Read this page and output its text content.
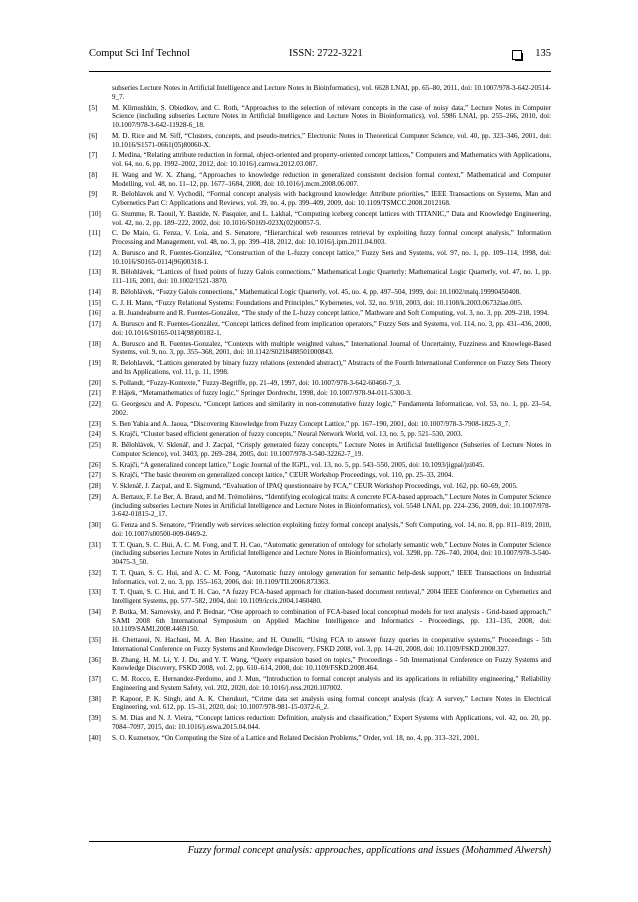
Comput Sci Inf Technol	ISSN: 2722-3221	135
subseries Lecture Notes in Artificial Intelligence and Lecture Notes in Bioinformatics), vol. 6628 LNAI, pp. 65–80, 2011, doi: 10.1007/978-3-642-20514-9_7.
[5] M. Klimushkin, S. Obiedkov, and C. Roth, “Approaches to the selection of relevant concepts in the case of noisy data,” Lecture Notes in Computer Science (including subseries Lecture Notes in Artificial Intelligence and Lecture Notes in Bioinformatics), vol. 5986 LNAI, pp. 255–266, 2010, doi: 10.1007/978-3-642-11928-6_18.
[6] M. D. Rice and M. Siff, “Clusters, concepts, and pseudo-metrics,” Electronic Notes in Theoretical Computer Science, vol. 40, pp. 323–346, 2001, doi: 10.1016/S1571-0661(05)80060-X.
[7] J. Medina, “Relating attribute reduction in formal, object-oriented and property-oriented concept lattices,” Computers and Mathematics with Applications, vol. 64, no. 6, pp. 1992–2002, 2012, doi: 10.1016/j.camwa.2012.03.087.
[8] H. Wang and W. X. Zhang, “Approaches to knowledge reduction in generalized consistent decision formal context,” Mathematical and Computer Modelling, vol. 48, no. 11–12, pp. 1677–1684, 2008, doi: 10.1016/j.mcm.2008.06.007.
[9] R. Belohlavek and V. Vychodil, “Formal concept analysis with background knowledge: Attribute priorities,” IEEE Transactions on Systems, Man and Cybernetics Part C: Applications and Reviews, vol. 39, no. 4, pp. 399–409, 2009, doi: 10.1109/TSMCC.2008.2012168.
[10] G. Stumme, R. Taouil, Y. Bastide, N. Pasquier, and L. Lakhal, “Computing iceberg concept lattices with TITANIC,” Data and Knowledge Engineering, vol. 42, no. 2, pp. 189–222, 2002, doi: 10.1016/S0169-023X(02)00057-5.
[11] C. De Maio, G. Fenza, V. Loia, and S. Senatore, “Hierarchical web resources retrieval by exploiting fuzzy formal concept analysis,” Information Processing and Management, vol. 48, no. 3, pp. 399–418, 2012, doi: 10.1016/j.ipm.2011.04.003.
[12] A. Burusco and R. Fuentes-González, “Construction of the L-fuzzy concept lattice,” Fuzzy Sets and Systems, vol. 97, no. 1, pp. 109–114, 1998, doi: 10.1016/S0165-0114(96)00318-1.
[13] R. Bělohlávek, “Lattices of fixed points of fuzzy Galois connections,” Mathematical Logic Quarterly: Mathematical Logic Quarterly, vol. 47, no. 1, pp. 111–116, 2001, doi: 10.1002/1521-3870.
[14] R. Bělohlávek, “Fuzzy Galois connections,” Mathematical Logic Quarterly, vol. 45, no. 4, pp. 497–504, 1999, doi: 10.1002/malq.19990450408.
[15] C. J. H. Mann, “Fuzzy Relational Systems: Foundations and Principles,” Kybernetes, vol. 32, no. 9/10, 2003, doi: 10.1108/k.2003.06732iae.005.
[16] a. B. Juandeaburre and R. Fuentes-González, “The study of the L-fuzzy concept lattice,” Mathware and Soft Computing, vol. 3, no. 3, pp. 209–218, 1994.
[17] A. Burusco and R. Fuentes-González, “Concept lattices defined from implication operators,” Fuzzy Sets and Systems, vol. 114, no. 3, pp. 431–436, 2000, doi: 10.1016/S0165-0114(98)00182-1.
[18] A. Burusco and R. Fuentes-Gonzalez, “Contexts with multiple weighted values,” International Journal of Uncertainty, Fuzziness and Knowlege-Based Systems, vol. 9, no. 3, pp. 355–368, 2001, doi: 10.1142/S0218488501000843.
[19] R. Belohlavek, “Lattices generated by binary fuzzy relations (extended abstract),” Abstracts of the Fourth International Conference on Fuzzy Sets Theory and Its Applications, vol. 11, p. 11, 1998.
[20] S. Pollandt, “Fuzzy-Kontexte,” Fuzzy-Begriffe, pp. 21–49, 1997, doi: 10.1007/978-3-642-60460-7_3.
[21] P. Hájek, “Metamathematics of fuzzy logic,” Springer Dordrecht, 1998, doi: 10.1007/978-94-011-5300-3.
[22] G. Georgescu and A. Popescu, “Concept lattices and similarity in non-commutative fuzzy logic,” Fundamenta Informaticae, vol. 53, no. 1, pp. 23–54, 2002.
[23] S. Ben Yahia and A. Jaoua, “Discovering Knowledge from Fuzzy Concept Lattice,” pp. 167–190, 2001, doi: 10.1007/978-3-7908-1825-3_7.
[24] S. Krajči, “Cluster based efficient generation of fuzzy concepts,” Neural Network World, vol. 13, no. 5, pp. 521–530, 2003.
[25] R. Bělohlávek, V. Sklenář, and J. Zacpal, “Crisply generated fuzzy concepts,” Lecture Notes in Artificial Intelligence (Subseries of Lecture Notes in Computer Science), vol. 3403, pp. 269–284, 2005, doi: 10.1007/978-3-540-32262-7_19.
[26] S. Krajči, “A generalized concept lattice,” Logic Journal of the IGPL, vol. 13, no. 5, pp. 543–550, 2005, doi: 10.1093/jigpal/jzi045.
[27] S. Krajči, “The basic theorem on generalized concept lattice,” CEUR Workshop Proceedings, vol. 110, pp. 25–33, 2004.
[28] V. Sklenář, J. Zacpal, and E. Sigmund, “Evaluation of IPAQ questionnaire by FCA,” CEUR Workshop Proceedings, vol. 162, pp. 60–69, 2005.
[29] A. Bertaux, F. Le Ber, A. Braud, and M. Trémolières, “Identifying ecological traits: A concrete FCA-based approach,” Lecture Notes in Computer Science (including subseries Lecture Notes in Artificial Intelligence and Lecture Notes in Bioinformatics), vol. 5548 LNAI, pp. 224–236, 2009, doi: 10.1007/978-3-642-01815-2_17.
[30] G. Fenza and S. Senatore, “Friendly web services selection exploiting fuzzy formal concept analysis,” Soft Computing, vol. 14, no. 8, pp. 811–819, 2010, doi: 10.1007/s00500-009-0469-2.
[31] T. T. Quan, S. C. Hui, A. C. M. Fong, and T. H. Cao, “Automatic generation of ontology for scholarly semantic web,” Lecture Notes in Computer Science (including subseries Lecture Notes in Artificial Intelligence and Lecture Notes in Bioinformatics), vol. 3298, pp. 726–740, 2004, doi: 10.1007/978-3-540-30475-3_50.
[32] T. T. Quan, S. C. Hui, and A. C. M. Fong, “Automatic fuzzy ontology generation for semantic help-desk support,” IEEE Transactions on Industrial Informatics, vol. 2, no. 3, pp. 155–163, 2006, doi: 10.1109/TII.2006.873363.
[33] T. T. Quan, S. C. Hui, and T. H. Cao, “A fuzzy FCA-based approach for citation-based document retrieval,” 2004 IEEE Conference on Cybernetics and Intelligent Systems, pp. 577–582, 2004, doi: 10.1109/iccis.2004.1460480.
[34] P. Butka, M. Sarnovsky, and P. Bednar, “One approach to combination of FCA-based local conceptual models for text analysis - Grid-based approach,” SAMI 2008 6th International Symposium on Applied Machine Intelligence and Informatics - Proceedings, pp. 131–135, 2008, doi: 10.1109/SAMI.2008.4469150.
[35] H. Chettaoui, N. Hachani, M. A. Ben Hassine, and H. Ounelli, “Using FCA to answer fuzzy queries in cooperative systems,” Proceedings - 5th International Conference on Fuzzy Systems and Knowledge Discovery, FSKD 2008, vol. 3, pp. 14–20, 2008, doi: 10.1109/FSKD.2008.327.
[36] B. Zhang, H. M. Li, Y. J. Du, and Y. T. Wang, “Query expansion based on topics,” Proceedings - 5th International Conference on Fuzzy Systems and Knowledge Discovery, FSKD 2008, vol. 2, pp. 610–614, 2008, doi: 10.1109/FSKD.2008.464.
[37] C. M. Rocco, E. Hernandez-Perdomo, and J. Mun, “Introduction to formal concept analysis and its applications in reliability engineering,” Reliability Engineering and System Safety, vol. 202, 2020, doi: 10.1016/j.ress.2020.107002.
[38] P. Kapoor, P. K. Singh, and A. K. Cherukuri, “Crime data set analysis using formal concept analysis (fca): A survey,” Lecture Notes in Electrical Engineering, vol. 612, pp. 15–31, 2020, doi: 10.1007/978-981-15-0372-6_2.
[39] S. M. Dias and N. J. Vieira, “Concept lattices reduction: Definition, analysis and classification,” Expert Systems with Applications, vol. 42, no. 20, pp. 7084–7097, 2015, doi: 10.1016/j.eswa.2015.04.044.
[40] S. O. Kuznetsov, “On Computing the Size of a Lattice and Related Decision Problems,” Order, vol. 18, no. 4, pp. 313–321, 2001,
Fuzzy formal concept analysis: approaches, applications and issues (Mohammed Alwersh)
